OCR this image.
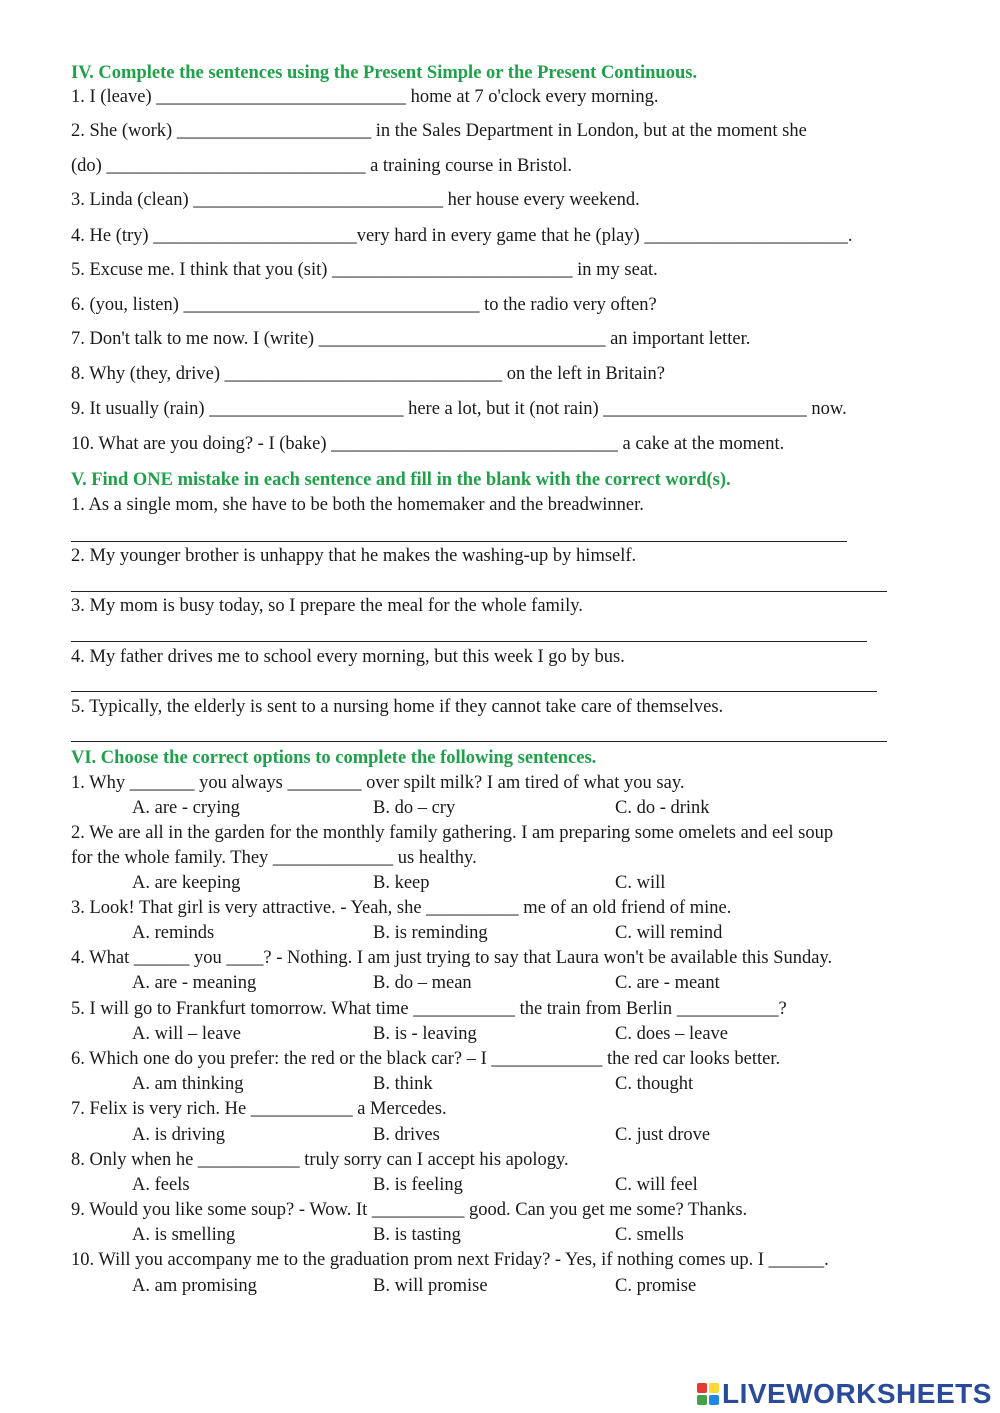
IV. Complete the sentences using the Present Simple or the Present Continuous.
1. I (leave) ___________________________ home at 7 o'clock every morning.
2. She (work) _____________________ in the Sales Department in London, but at the moment she
(do) ____________________________ a training course in Bristol.
3. Linda (clean) ___________________________ her house every weekend.
4. He (try) ______________________very hard in every game that he (play) ______________________.
5. Excuse me. I think that you (sit) __________________________ in my seat.
6. (you, listen) ________________________________ to the radio very often?
7. Don't talk to me now. I (write) _______________________________ an important letter.
8. Why (they, drive) ______________________________ on the left in Britain?
9. It usually (rain) _____________________ here a lot, but it (not rain) ______________________ now.
10. What are you doing? - I (bake) _______________________________ a cake at the moment.
V. Find ONE mistake in each sentence and fill in the blank with the correct word(s).
1. As a single mom, she have to be both the homemaker and the breadwinner.
2. My younger brother is unhappy that he makes the washing-up by himself.
3. My mom is busy today, so I prepare the meal for the whole family.
4. My father drives me to school every morning, but this week I go by bus.
5. Typically, the elderly is sent to a nursing home if they cannot take care of themselves.
VI. Choose the correct options to complete the following sentences.
1. Why _______ you always ________ over spilt milk? I am tired of what you say.
A. are - crying	B. do – cry	C. do - drink
2. We are all in the garden for the monthly family gathering. I am preparing some omelets and eel soup
for the whole family. They _____________ us healthy.
A. are keeping	B. keep	C. will
3. Look! That girl is very attractive. - Yeah, she __________ me of an old friend of mine.
A. reminds	B. is reminding	C. will remind
4. What ______ you ____? - Nothing. I am just trying to say that Laura won't be available this Sunday.
A. are - meaning	B. do – mean	C. are - meant
5. I will go to Frankfurt tomorrow. What time ___________ the train from Berlin ___________?
A. will – leave	B. is - leaving	C. does – leave
6. Which one do you prefer: the red or the black car? – I ____________ the red car looks better.
A. am thinking	B. think	C. thought
7. Felix is very rich. He ___________ a Mercedes.
A. is driving	B. drives	C. just drove
8. Only when he ___________ truly sorry can I accept his apology.
A. feels	B. is feeling	C. will feel
9. Would you like some soup? - Wow. It __________ good. Can you get me some? Thanks.
A. is smelling	B. is tasting	C. smells
10. Will you accompany me to the graduation prom next Friday? - Yes, if nothing comes up. I ______.
A. am promising	B. will promise	C. promise
LIVEWORKSHEETS
